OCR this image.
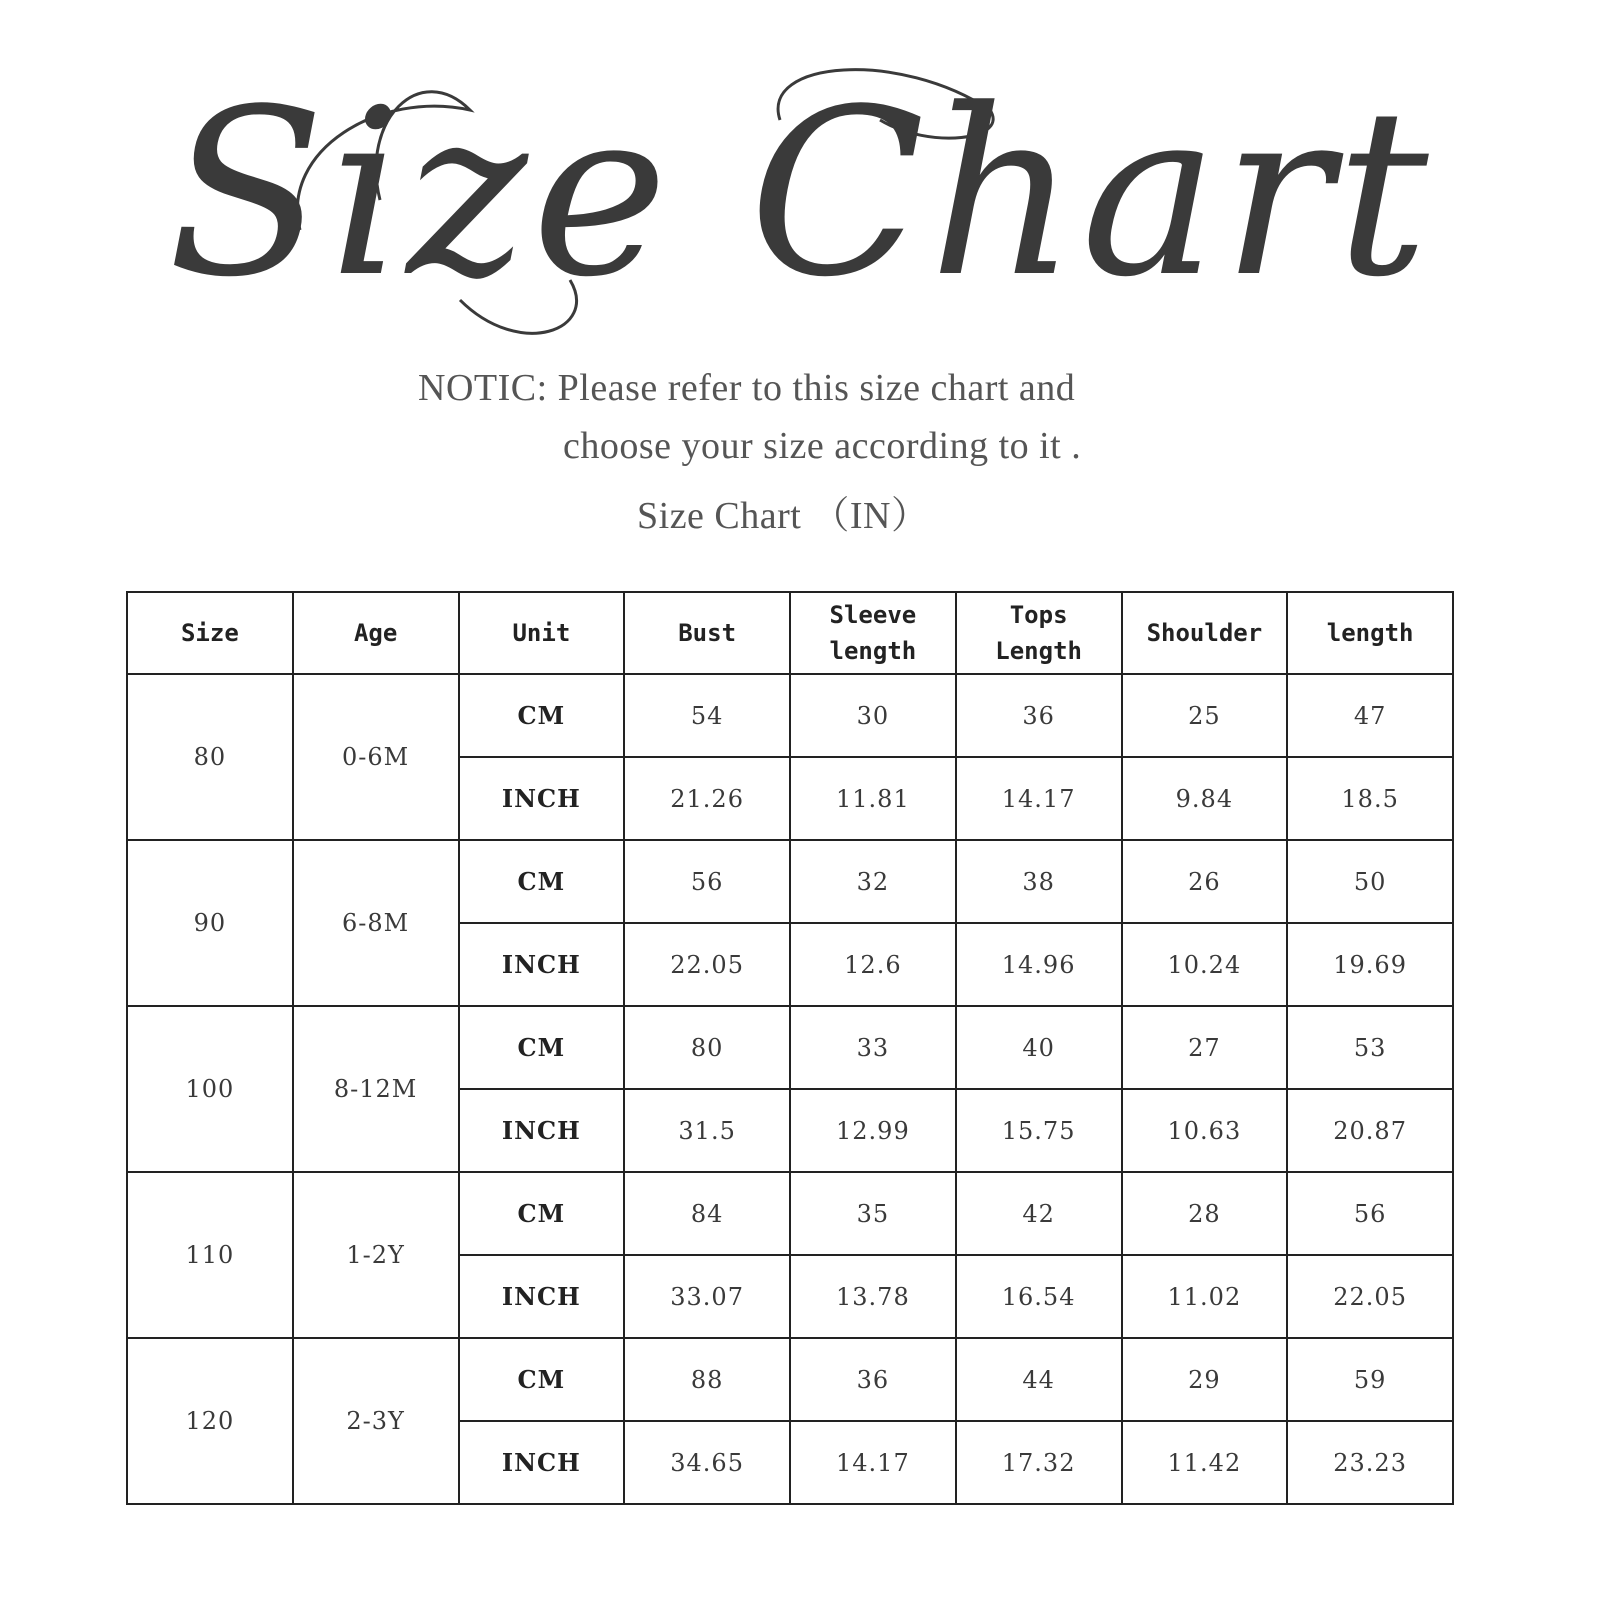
Size Chart
NOTIC: Please refer to this size chart and
choose your size according to it .
Size Chart （IN）
Size	Age	Unit	Bust	Sleeve length	Tops Length	Shoulder	length
80	0-6M	CM	54	30	36	25	47
		INCH	21.26	11.81	14.17	9.84	18.5
90	6-8M	CM	56	32	38	26	50
		INCH	22.05	12.6	14.96	10.24	19.69
100	8-12M	CM	80	33	40	27	53
		INCH	31.5	12.99	15.75	10.63	20.87
110	1-2Y	CM	84	35	42	28	56
		INCH	33.07	13.78	16.54	11.02	22.05
120	2-3Y	CM	88	36	44	29	59
		INCH	34.65	14.17	17.32	11.42	23.23
